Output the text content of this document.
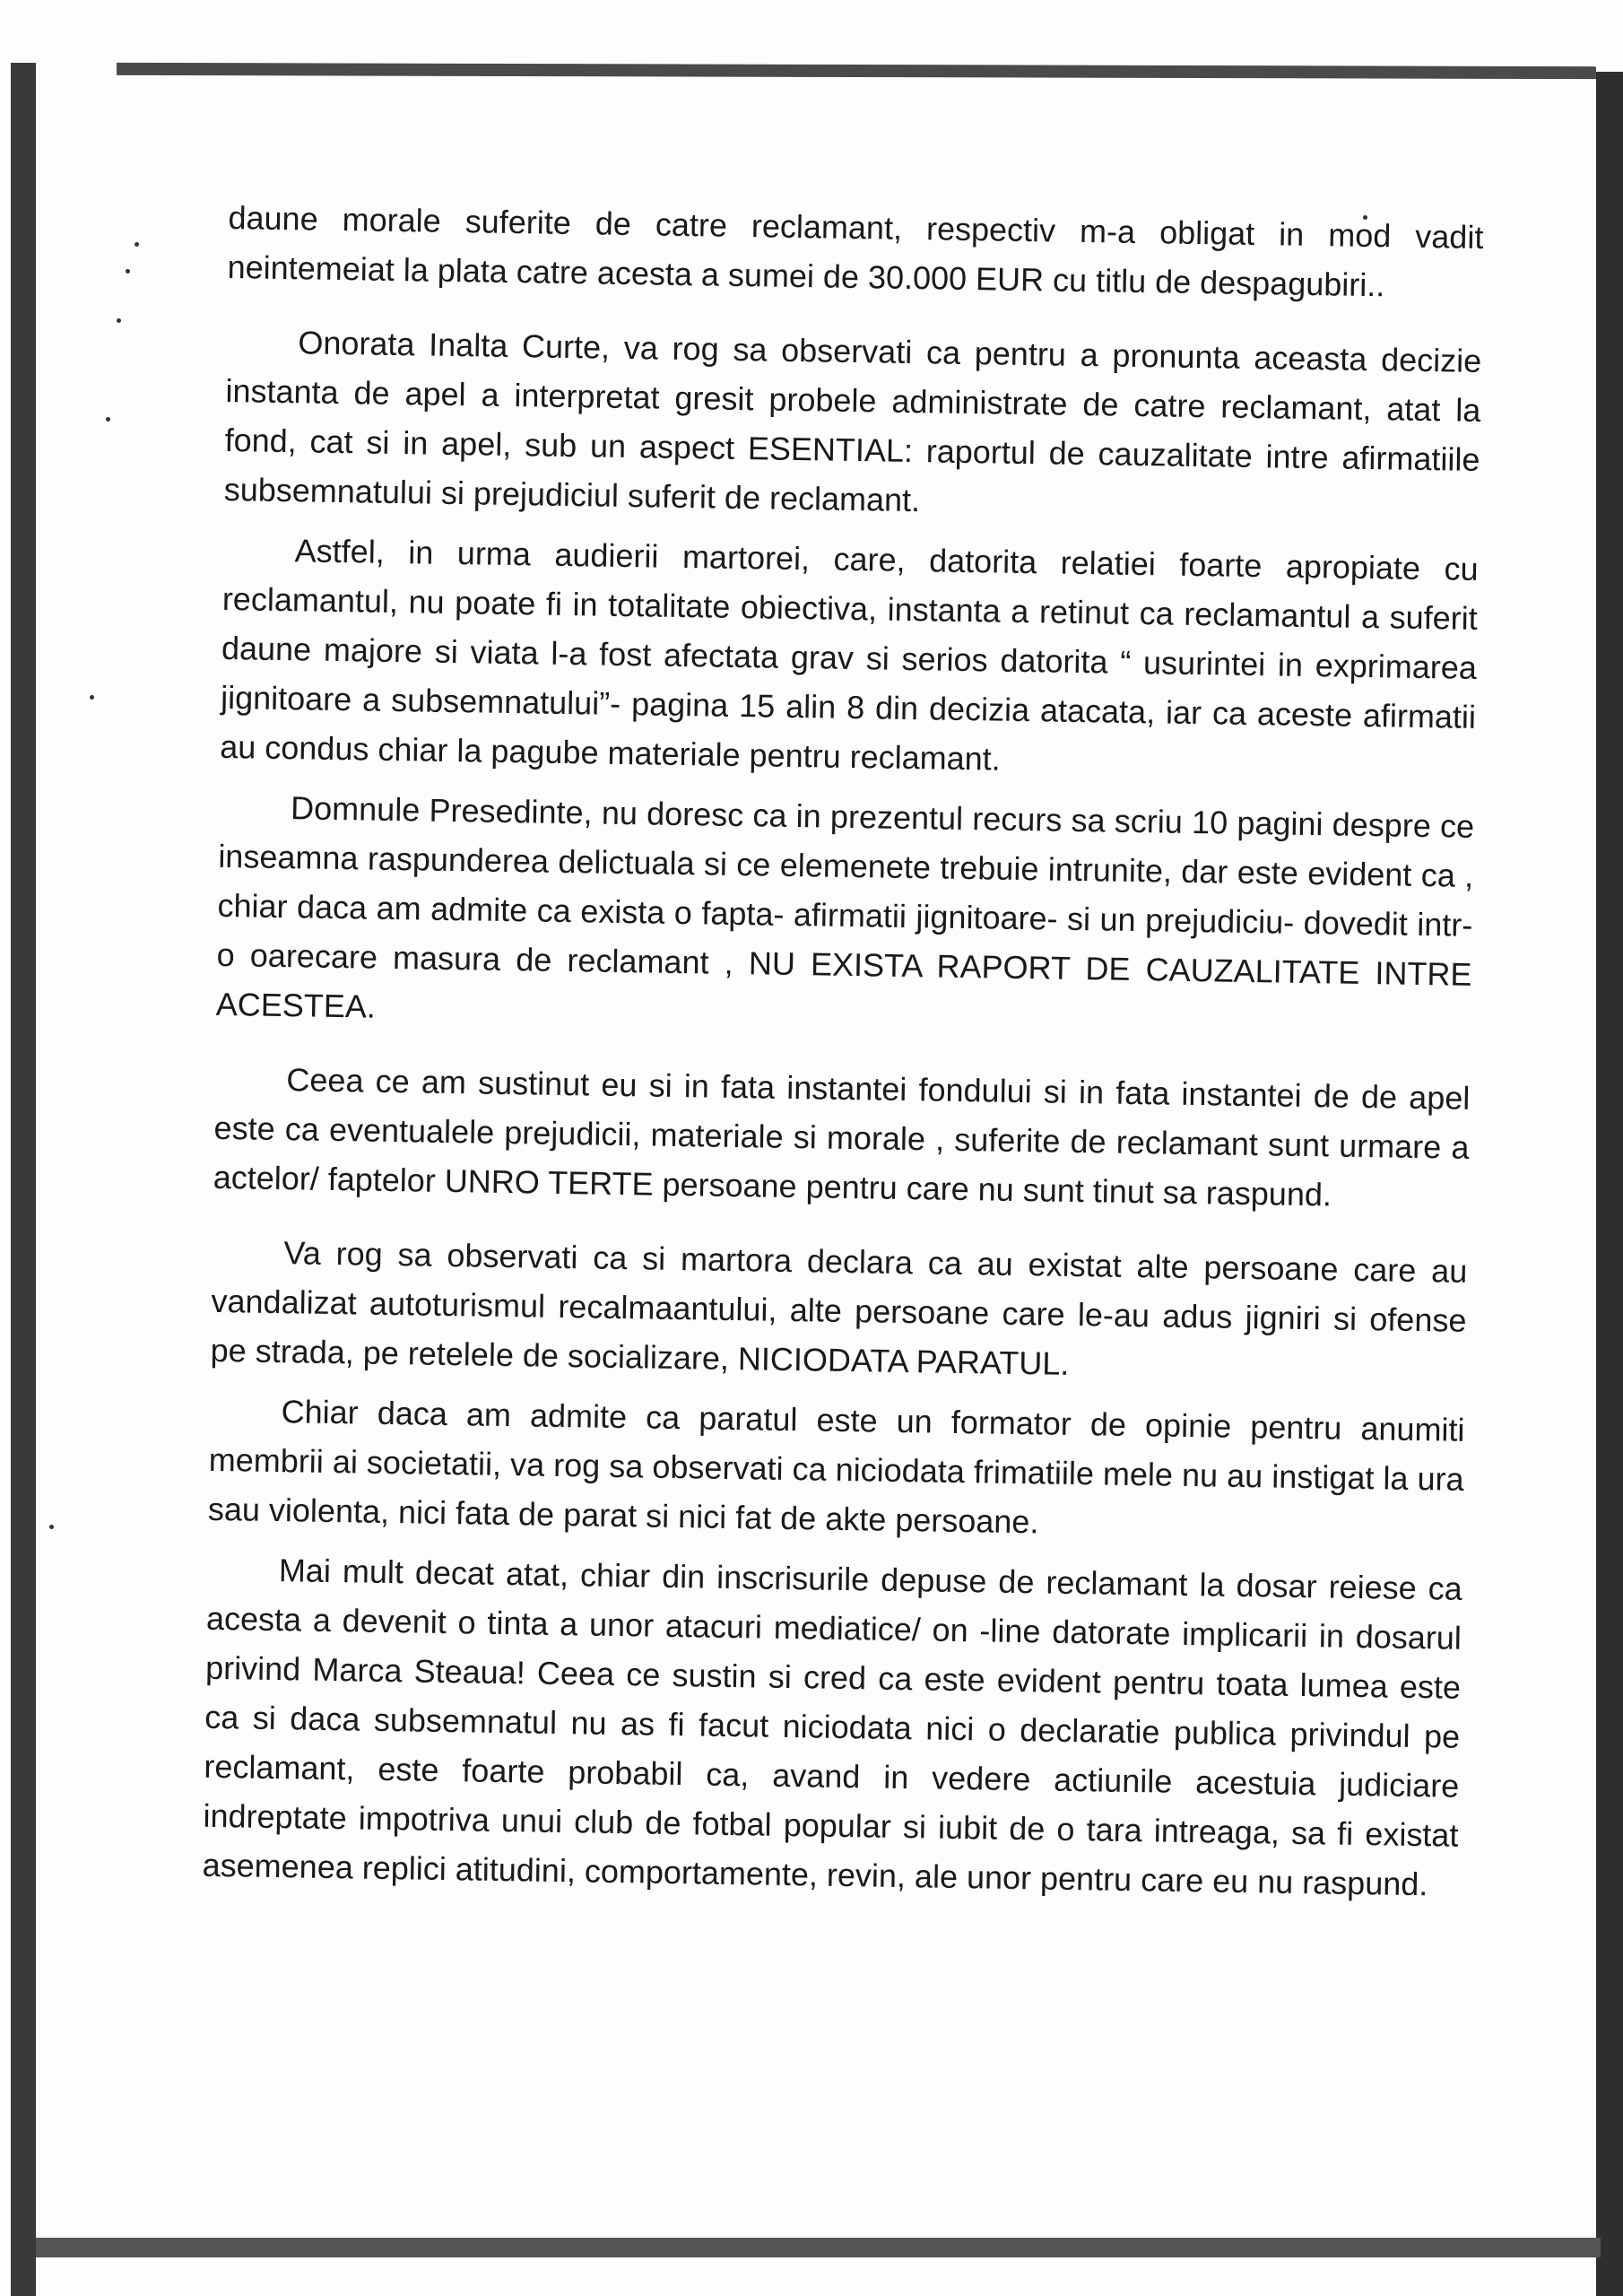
daune morale suferite de catre reclamant, respectiv m-a obligat in mod vadit neintemeiat la plata catre acesta a sumei de 30.000 EUR cu titlu de despagubiri..

Onorata Inalta Curte, va rog sa observati ca pentru a pronunta aceasta decizie instanta de apel a interpretat gresit probele administrate de catre reclamant, atat la fond, cat si in apel, sub un aspect ESENTIAL: raportul de cauzalitate intre afirmatiile subsemnatului si prejudiciul suferit de reclamant.

Astfel, in urma audierii martorei, care, datorita relatiei foarte apropiate cu reclamantul, nu poate fi in totalitate obiectiva, instanta a retinut ca reclamantul a suferit daune majore si viata l-a fost afectata grav si serios datorita “ usurintei in exprimarea jignitoare a subsemnatului”- pagina 15 alin 8 din decizia atacata, iar ca aceste afirmatii au condus chiar la pagube materiale pentru reclamant.

Domnule Presedinte, nu doresc ca in prezentul recurs sa scriu 10 pagini despre ce inseamna raspunderea delictuala si ce elemenete trebuie intrunite, dar este evident ca , chiar daca am admite ca exista o fapta- afirmatii jignitoare- si un prejudiciu- dovedit intr-o oarecare masura de reclamant , NU EXISTA RAPORT DE CAUZALITATE INTRE ACESTEA.

Ceea ce am sustinut eu si in fata instantei fondului si in fata instantei de de apel este ca eventualele prejudicii, materiale si morale , suferite de reclamant sunt urmare a actelor/ faptelor UNRO TERTE persoane pentru care nu sunt tinut sa raspund.

Va rog sa observati ca si martora declara ca au existat alte persoane care au vandalizat autoturismul recalmaantului, alte persoane care le-au adus jigniri si ofense pe strada, pe retelele de socializare, NICIODATA PARATUL.

Chiar daca am admite ca paratul este un formator de opinie pentru anumiti membrii ai societatii, va rog sa observati ca niciodata frimatiile mele nu au instigat la ura sau violenta, nici fata de parat si nici fat de akte persoane.

Mai mult decat atat, chiar din inscrisurile depuse de reclamant la dosar reiese ca acesta a devenit o tinta a unor atacuri mediatice/ on -line datorate implicarii in dosarul privind Marca Steaua! Ceea ce sustin si cred ca este evident pentru toata lumea este ca si daca subsemnatul nu as fi facut niciodata nici o declaratie publica privindul pe reclamant, este foarte probabil ca, avand in vedere actiunile acestuia judiciare indreptate impotriva unui club de fotbal popular si iubit de o tara intreaga, sa fi existat asemenea replici atitudini, comportamente, revin, ale unor pentru care eu nu raspund.
